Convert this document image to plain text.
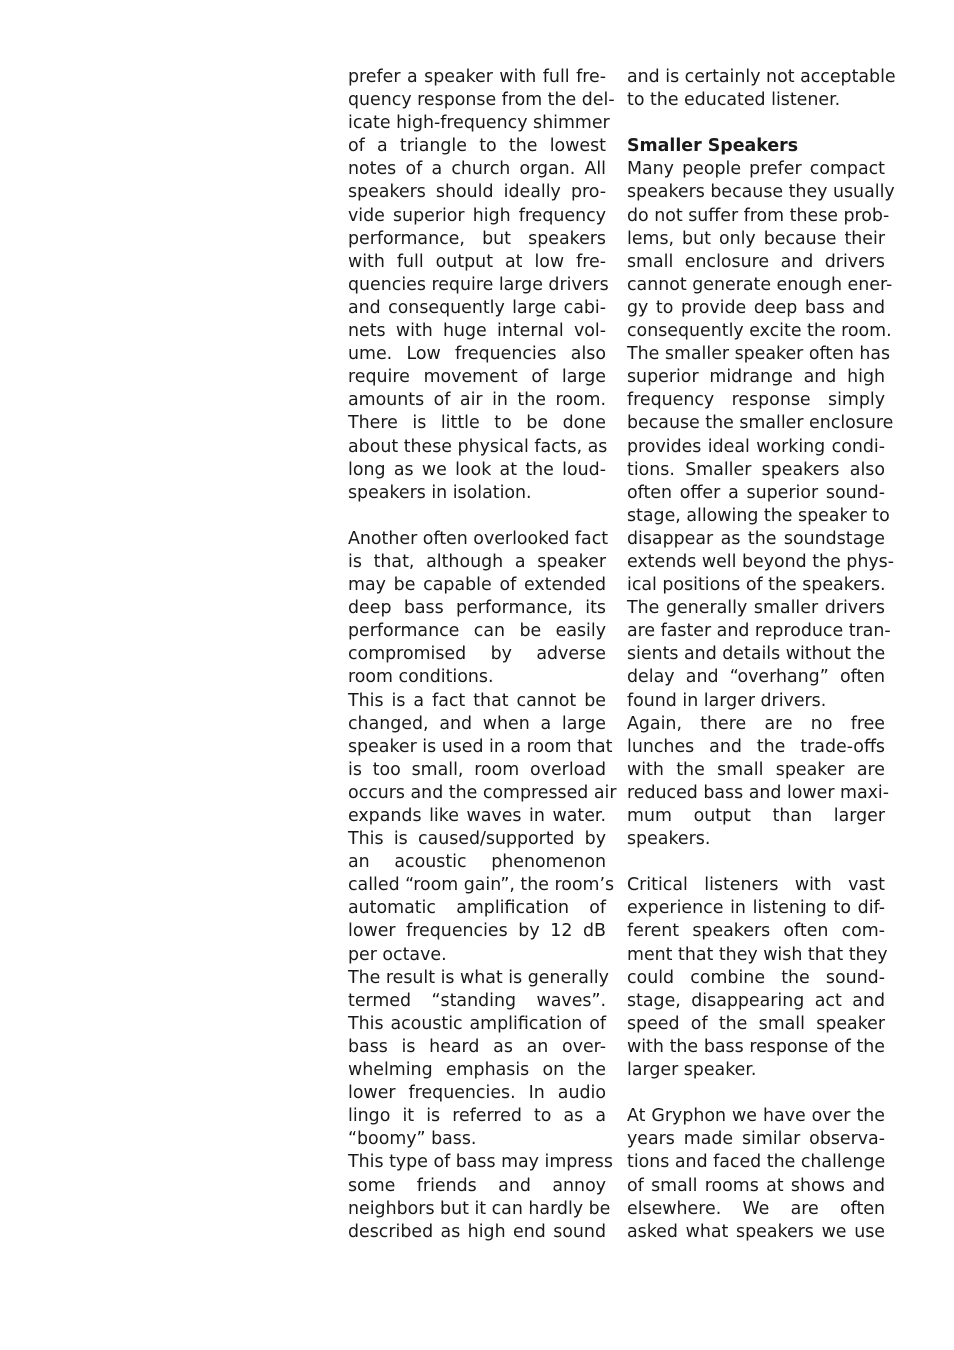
prefer a speaker with full fre-
quency response from the del-
icate high-frequency shimmer
of a triangle to the lowest
notes of a church organ. All
speakers should ideally pro-
vide superior high frequency
performance, but speakers
with full output at low fre-
quencies require large drivers
and consequently large cabi-
nets with huge internal vol-
ume. Low frequencies also
require movement of large
amounts of air in the room.
There is little to be done
about these physical facts, as
long as we look at the loud-
speakers in isolation.

Another often overlooked fact
is that, although a speaker
may be capable of extended
deep bass performance, its
performance can be easily
compromised by adverse
room conditions.

This is a fact that cannot be
changed, and when a large
speaker is used in a room that
is too small, room overload
occurs and the compressed air
expands like waves in water.
This is caused/supported by
an acoustic phenomenon
called “room gain”, the room’s
automatic amplification of
lower frequencies by 12 dB
per octave.

The result is what is generally
termed “standing waves”.
This acoustic amplification of
bass is heard as an over-
whelming emphasis on the
lower frequencies. In audio
lingo it is referred to as a
“boomy” bass.

This type of bass may impress
some friends and annoy
neighbors but it can hardly be
described as high end sound

and is certainly not acceptable
to the educated listener.

Smaller Speakers

Many people prefer compact
speakers because they usually
do not suffer from these prob-
lems, but only because their
small enclosure and drivers
cannot generate enough ener-
gy to provide deep bass and
consequently excite the room.
The smaller speaker often has
superior midrange and high
frequency response simply
because the smaller enclosure
provides ideal working condi-
tions. Smaller speakers also
often offer a superior sound-
stage, allowing the speaker to
disappear as the soundstage
extends well beyond the phys-
ical positions of the speakers.
The generally smaller drivers
are faster and reproduce tran-
sients and details without the
delay and “overhang” often
found in larger drivers.

Again, there are no free
lunches and the trade-offs
with the small speaker are
reduced bass and lower maxi-
mum output than larger
speakers.

Critical listeners with vast
experience in listening to dif-
ferent speakers often com-
ment that they wish that they
could combine the sound-
stage, disappearing act and
speed of the small speaker
with the bass response of the
larger speaker.

At Gryphon we have over the
years made similar observa-
tions and faced the challenge
of small rooms at shows and
elsewhere. We are often
asked what speakers we use
